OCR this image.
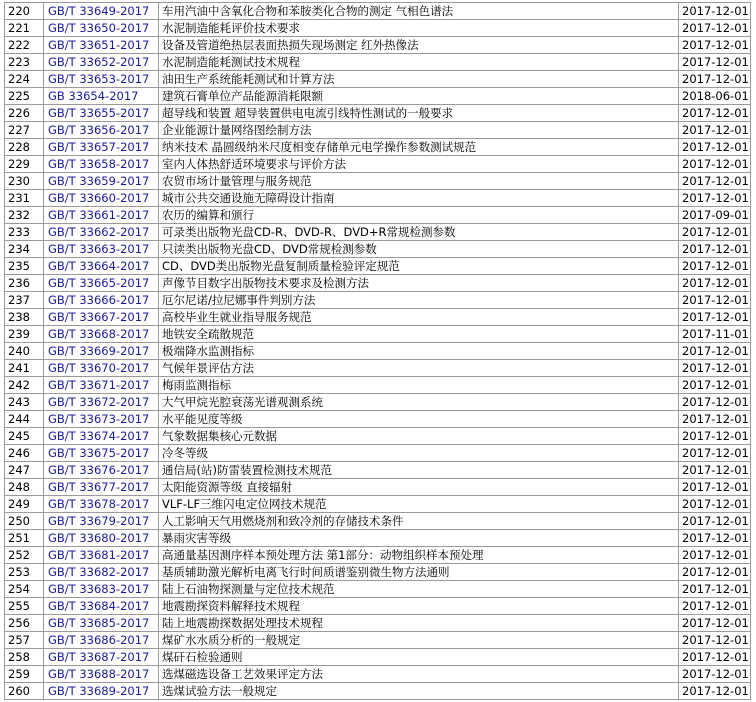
220	GB/T 33649-2017	车用汽油中含氧化合物和苯胺类化合物的测定 气相色谱法	2017-12-01
221	GB/T 33650-2017	水泥制造能耗评价技术要求	2017-12-01
222	GB/T 33651-2017	设备及管道绝热层表面热损失现场测定 红外热像法	2017-12-01
223	GB/T 33652-2017	水泥制造能耗测试技术规程	2017-12-01
224	GB/T 33653-2017	油田生产系统能耗测试和计算方法	2017-12-01
225	GB 33654-2017	建筑石膏单位产品能源消耗限额	2018-06-01
226	GB/T 33655-2017	超导线和装置 超导装置供电电流引线特性测试的一般要求	2017-12-01
227	GB/T 33656-2017	企业能源计量网络图绘制方法	2017-12-01
228	GB/T 33657-2017	纳米技术 晶圆级纳米尺度相变存储单元电学操作参数测试规范	2017-12-01
229	GB/T 33658-2017	室内人体热舒适环境要求与评价方法	2017-12-01
230	GB/T 33659-2017	农贸市场计量管理与服务规范	2017-12-01
231	GB/T 33660-2017	城市公共交通设施无障碍设计指南	2017-12-01
232	GB/T 33661-2017	农历的编算和颁行	2017-09-01
233	GB/T 33662-2017	可录类出版物光盘CD-R、DVD-R、DVD+R常规检测参数	2017-12-01
234	GB/T 33663-2017	只读类出版物光盘CD、DVD常规检测参数	2017-12-01
235	GB/T 33664-2017	CD、DVD类出版物光盘复制质量检验评定规范	2017-12-01
236	GB/T 33665-2017	声像节目数字出版物技术要求及检测方法	2017-12-01
237	GB/T 33666-2017	厄尔尼诺/拉尼娜事件判别方法	2017-12-01
238	GB/T 33667-2017	高校毕业生就业指导服务规范	2017-12-01
239	GB/T 33668-2017	地铁安全疏散规范	2017-11-01
240	GB/T 33669-2017	极端降水监测指标	2017-12-01
241	GB/T 33670-2017	气候年景评估方法	2017-12-01
242	GB/T 33671-2017	梅雨监测指标	2017-12-01
243	GB/T 33672-2017	大气甲烷光腔衰荡光谱观测系统	2017-12-01
244	GB/T 33673-2017	水平能见度等级	2017-12-01
245	GB/T 33674-2017	气象数据集核心元数据	2017-12-01
246	GB/T 33675-2017	冷冬等级	2017-12-01
247	GB/T 33676-2017	通信局(站)防雷装置检测技术规范	2017-12-01
248	GB/T 33677-2017	太阳能资源等级 直接辐射	2017-12-01
249	GB/T 33678-2017	VLF-LF三维闪电定位网技术规范	2017-12-01
250	GB/T 33679-2017	人工影响天气用燃烧剂和致冷剂的存储技术条件	2017-12-01
251	GB/T 33680-2017	暴雨灾害等级	2017-12-01
252	GB/T 33681-2017	高通量基因测序样本预处理方法 第1部分：动物组织样本预处理	2017-12-01
253	GB/T 33682-2017	基质辅助激光解析电离飞行时间质谱鉴别微生物方法通则	2017-12-01
254	GB/T 33683-2017	陆上石油物探测量与定位技术规范	2017-12-01
255	GB/T 33684-2017	地震勘探资料解释技术规程	2017-12-01
256	GB/T 33685-2017	陆上地震勘探数据处理技术规程	2017-12-01
257	GB/T 33686-2017	煤矿水水质分析的一般规定	2017-12-01
258	GB/T 33687-2017	煤矸石检验通则	2017-12-01
259	GB/T 33688-2017	选煤磁选设备工艺效果评定方法	2017-12-01
260	GB/T 33689-2017	选煤试验方法一般规定	2017-12-01
